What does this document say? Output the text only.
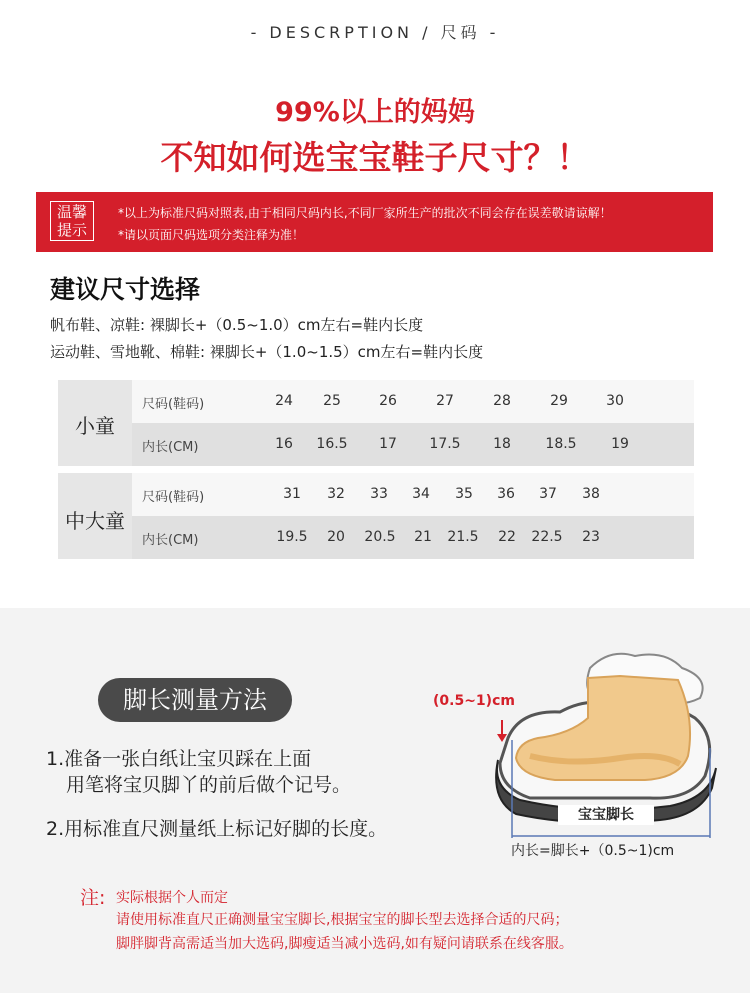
- DESCRPTION / 尺码 -
99%以上的妈妈
不知如何选宝宝鞋子尺寸？！
温馨
提示
*以上为标准尺码对照表,由于相同尺码内长,不同厂家所生产的批次不同会存在误差敬请谅解！
*请以页面尺码选项分类注释为准！
建议尺寸选择
帆布鞋、凉鞋: 裸脚长+（0.5~1.0）cm左右=鞋内长度
运动鞋、雪地靴、棉鞋: 裸脚长+（1.0~1.5）cm左右=鞋内长度
小童
尺码(鞋码)	24 25	26	27	28	29	30
内长(CM)	16 16.5 17 17.5 18 18.5 19
中大童
尺码(鞋码)	31 32 33 34 35 36 37 38
内长(CM)	19.5 20 20.5 21 21.5 22 22.5 23
脚长测量方法
1.准备一张白纸让宝贝踩在上面
用笔将宝贝脚丫的前后做个记号。
2.用标准直尺测量纸上标记好脚的长度。
(0.5~1)cm
宝宝脚长
内长=脚长+（0.5~1)cm
注: 实际根据个人而定
请使用标准直尺正确测量宝宝脚长,根据宝宝的脚长型去选择合适的尺码；
脚胖脚背高需适当加大选码,脚瘦适当减小选码,如有疑问请联系在线客服。
